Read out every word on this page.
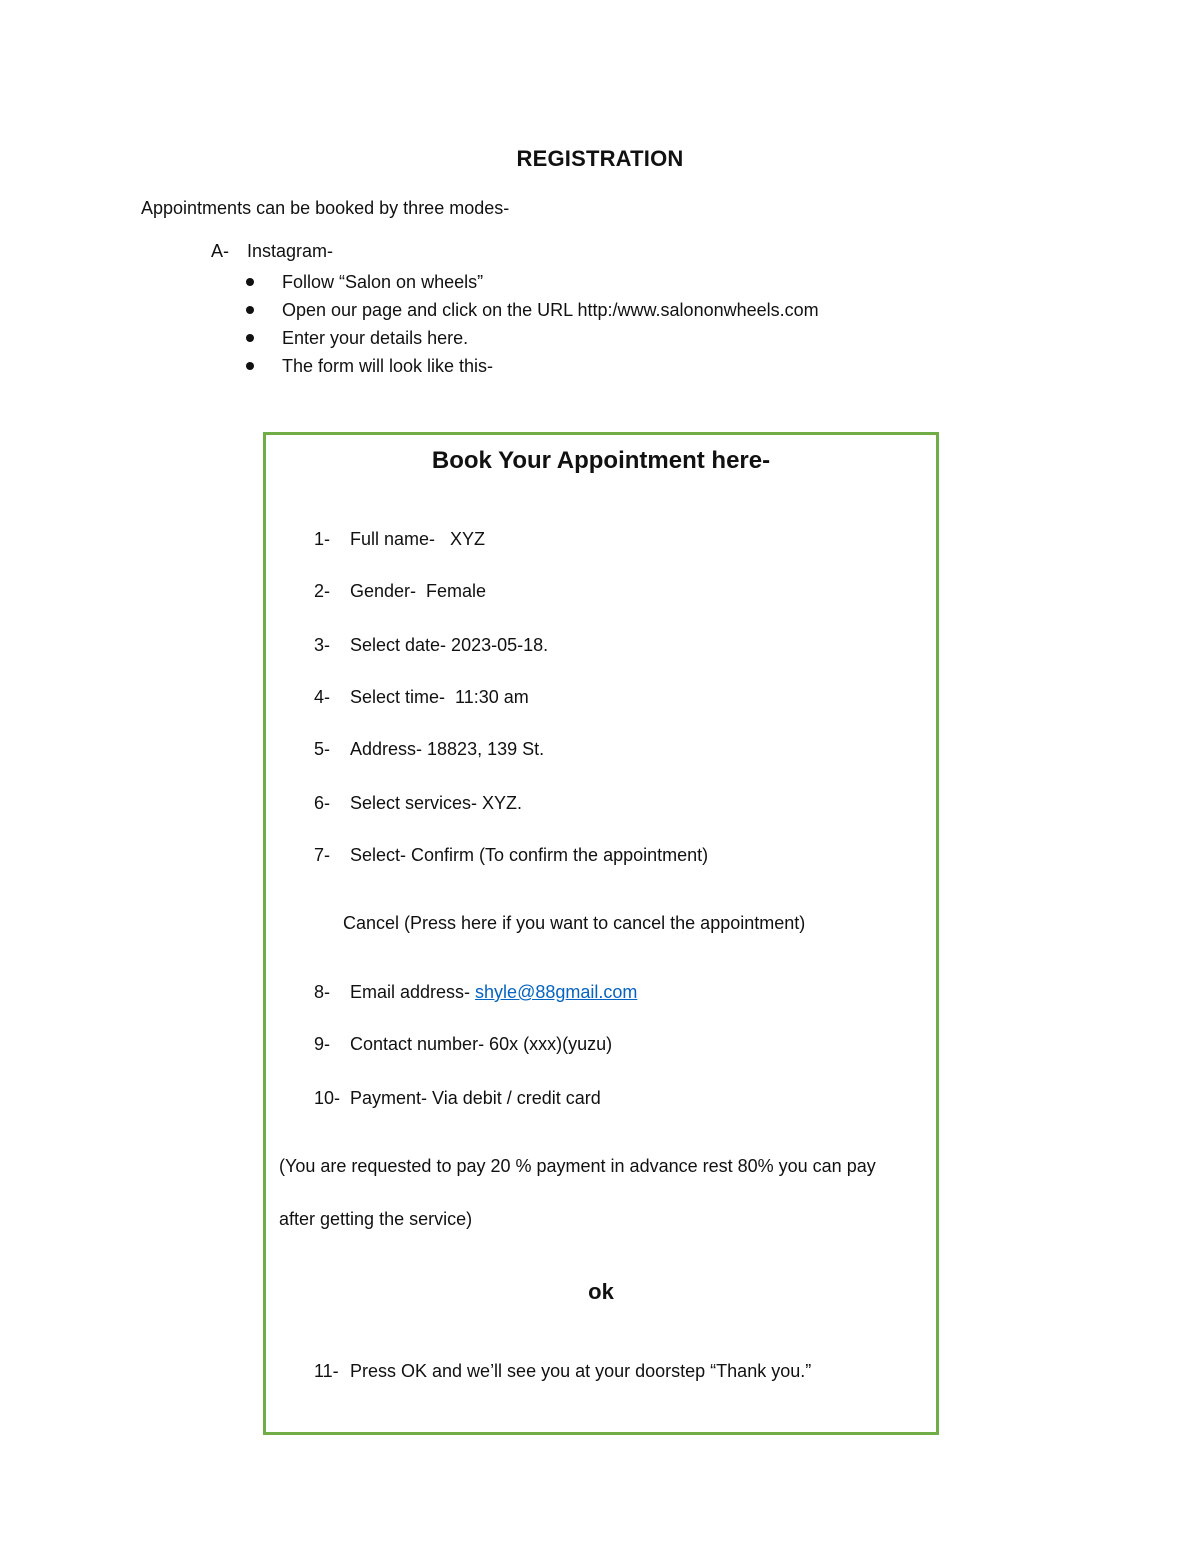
REGISTRATION
Appointments can be booked by three modes-
A- Instagram-
Follow “Salon on wheels”
Open our page and click on the URL http:/www.salononwheels.com
Enter your details here.
The form will look like this-
Book Your Appointment here-
1- Full name-   XYZ
2- Gender-  Female
3- Select date- 2023-05-18.
4- Select time-  11:30 am
5- Address- 18823, 139 St.
6- Select services- XYZ.
7- Select- Confirm (To confirm the appointment)
Cancel (Press here if you want to cancel the appointment)
8- Email address- shyle@88gmail.com
9- Contact number- 60x (xxx)(yuzu)
10- Payment- Via debit / credit card
(You are requested to pay 20 % payment in advance rest 80% you can pay
after getting the service)
ok
11- Press OK and we’ll see you at your doorstep “Thank you.”
